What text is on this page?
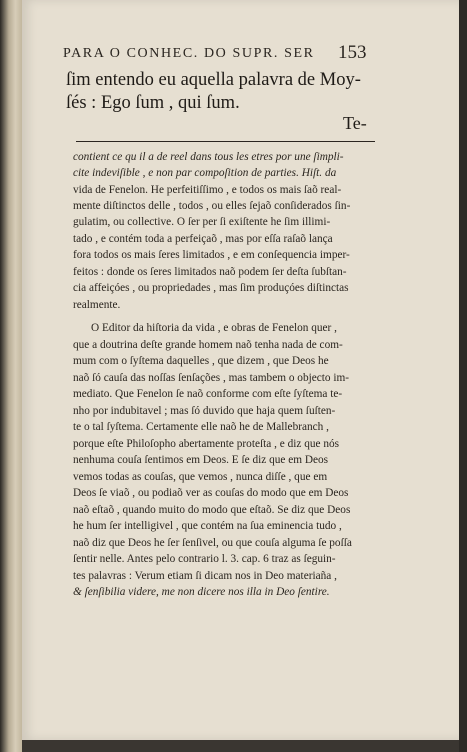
PARA O CONHEC. DO SUPR. SER	153
ſim entendo eu aquella palavra de Moy-
ſés : Ego ſum , qui ſum.
Te-
contient ce qu il a de reel dans tous les etres por une ſimpli-
cite indeviſible , e non par compoſition de parties. Hiſt. da
vida de Fenelon. He perfeitiſſimo , e todos os mais ſaõ real-
mente diſtinctos delle , todos , ou elles ſejaõ conſiderados ſin-
gulatim, ou collective. O ſer per ſi exiſtente he ſim illimi-
tado , e contém toda a perfeiçaõ , mas por eſſa raſaõ lança
fora todos os mais ſeres limitados , e em conſequencia imper-
feitos : donde os ſeres limitados naõ podem ſer deſta ſubſtan-
cia affeiçóes , ou propriedades , mas ſim produçóes diſtinctas
realmente.
O Editor da hiſtoria da vida , e obras de Fenelon quer ,
que a doutrina deſte grande homem naõ tenha nada de com-
mum com o ſyſtema daquelles , que dizem , que Deos he
naõ ſó cauſa das noſſas ſenſações , mas tambem o objecto im-
mediato. Que Fenelon ſe naõ conforme com eſte ſyſtema te-
nho por indubitavel ; mas ſó duvido que haja quem ſuſten-
te o tal ſyſtema. Certamente elle naõ he de Mallebranch ,
porque eſte Philoſopho abertamente proteſta , e diz que nós
nenhuma couſa ſentimos em Deos. E ſe diz que em Deos
vemos todas as couſas, que vemos , nunca diſſe , que em
Deos ſe viaõ , ou podiaõ ver as couſas do modo que em Deos
naõ eſtaõ , quando muito do modo que eſtaõ. Se diz que Deos
he hum ſer intelligivel , que contém na ſua eminencia tudo ,
naõ diz que Deos he ſer ſenſivel, ou que couſa alguma ſe poſſa
ſentir nelle. Antes pelo contrario l. 3. cap. 6 traz as ſeguin-
tes palavras : Verum etiam ſi dicam nos in Deo materiaña ,
& ſenſibilia videre, me non dicere nos illa in Deo ſentire.
